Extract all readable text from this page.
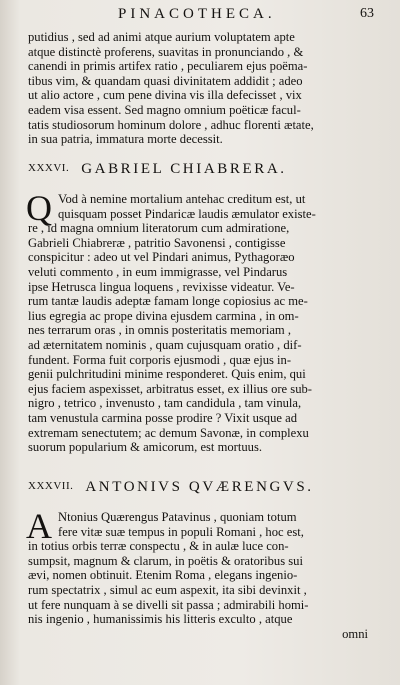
PINACOTHECA.	63
putidius , sed ad animi atque aurium voluptatem apte
atque distinctè proferens, suavitas in pronunciando , &
canendi in primis artifex ratio , peculiarem ejus poëma-
tibus vim, & quandam quasi divinitatem addidit ; adeo
ut alio actore , cum pene divina vis illa defecisset , vix
eadem visa essent. Sed magno omnium poëticæ facul-
tatis studiosorum hominum dolore , adhuc florenti ætate,
in sua patria, immatura morte decessit.
XXXVI. GABRIEL CHIABRERA.
Q Vod à nemine mortalium antehac creditum est, ut
quisquam posset Pindaricæ laudis æmulator existe-
re , id magna omnium literatorum cum admiratione,
Gabrieli Chiabreræ , patritio Savonensi , contigisse
conspicitur : adeo ut vel Pindari animus, Pythagoræo
veluti commento , in eum immigrasse, vel Pindarus
ipse Hetrusca lingua loquens , revixisse videatur. Ve-
rum tantæ laudis adeptæ famam longe copiosius ac me-
lius egregia ac prope divina ejusdem carmina , in om-
nes terrarum oras , in omnis posteritatis memoriam ,
ad æternitatem nominis , quam cujusquam oratio , dif-
fundent. Forma fuit corporis ejusmodi , quæ ejus in-
genii pulchritudini minime responderet. Quis enim, qui
ejus faciem aspexisset, arbitratus esset, ex illius ore sub-
nigro , tetrico , invenusto , tam candidula , tam vinula,
tam venustula carmina posse prodire ? Vixit usque ad
extremam senectutem; ac demum Savonæ, in complexu
suorum popularium & amicorum, est mortuus.
XXXVII. ANTONIVS QVÆRENGVS.
A Ntonius Quærengus Patavinus , quoniam totum
fere vitæ suæ tempus in populi Romani , hoc est,
in totius orbis terræ conspectu , & in aulæ luce con-
sumpsit, magnum & clarum, in poëtis & oratoribus sui
ævi, nomen obtinuit. Etenim Roma , elegans ingenio-
rum spectatrix , simul ac eum aspexit, ita sibi devinxit ,
ut fere nunquam à se divelli sit passa ; admirabili homi-
nis ingenio , humanissimis his litteris exculto , atque
omni
